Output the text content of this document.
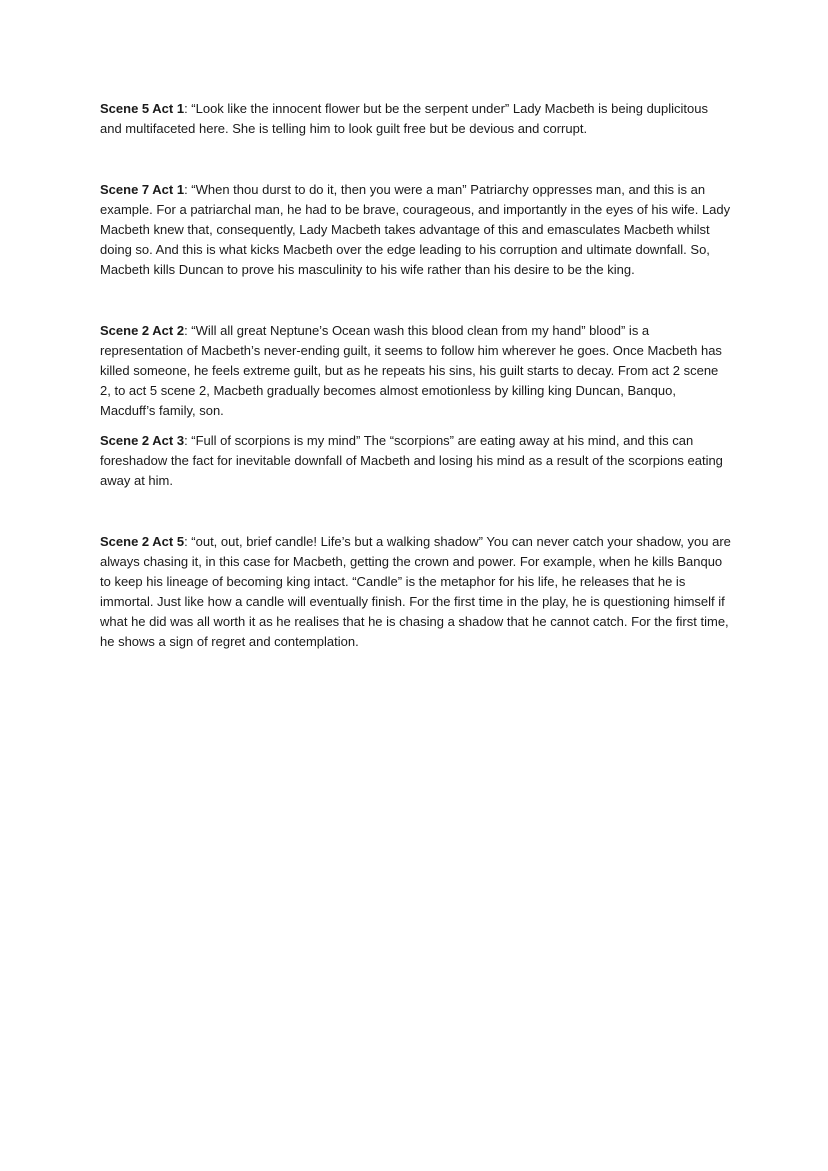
Scene 5 Act 1: “Look like the innocent flower but be the serpent under” Lady Macbeth is being duplicitous and multifaceted here. She is telling him to look guilt free but be devious and corrupt.

Scene 7 Act 1: “When thou durst to do it, then you were a man” Patriarchy oppresses man, and this is an example. For a patriarchal man, he had to be brave, courageous, and importantly in the eyes of his wife. Lady Macbeth knew that, consequently, Lady Macbeth takes advantage of this and emasculates Macbeth whilst doing so. And this is what kicks Macbeth over the edge leading to his corruption and ultimate downfall. So, Macbeth kills Duncan to prove his masculinity to his wife rather than his desire to be the king.

Scene 2 Act 2: “Will all great Neptune’s Ocean wash this blood clean from my hand” blood” is a representation of Macbeth’s never-ending guilt, it seems to follow him wherever he goes. Once Macbeth has killed someone, he feels extreme guilt, but as he repeats his sins, his guilt starts to decay. From act 2 scene 2, to act 5 scene 2, Macbeth gradually becomes almost emotionless by killing king Duncan, Banquo, Macduff’s family, son.

Scene 2 Act 3: “Full of scorpions is my mind” The “scorpions” are eating away at his mind, and this can foreshadow the fact for inevitable downfall of Macbeth and losing his mind as a result of the scorpions eating away at him.

Scene 2 Act 5: “out, out, brief candle! Life’s but a walking shadow” You can never catch your shadow, you are always chasing it, in this case for Macbeth, getting the crown and power. For example, when he kills Banquo to keep his lineage of becoming king intact. “Candle” is the metaphor for his life, he releases that he is immortal. Just like how a candle will eventually finish. For the first time in the play, he is questioning himself if what he did was all worth it as he realises that he is chasing a shadow that he cannot catch. For the first time, he shows a sign of regret and contemplation.
